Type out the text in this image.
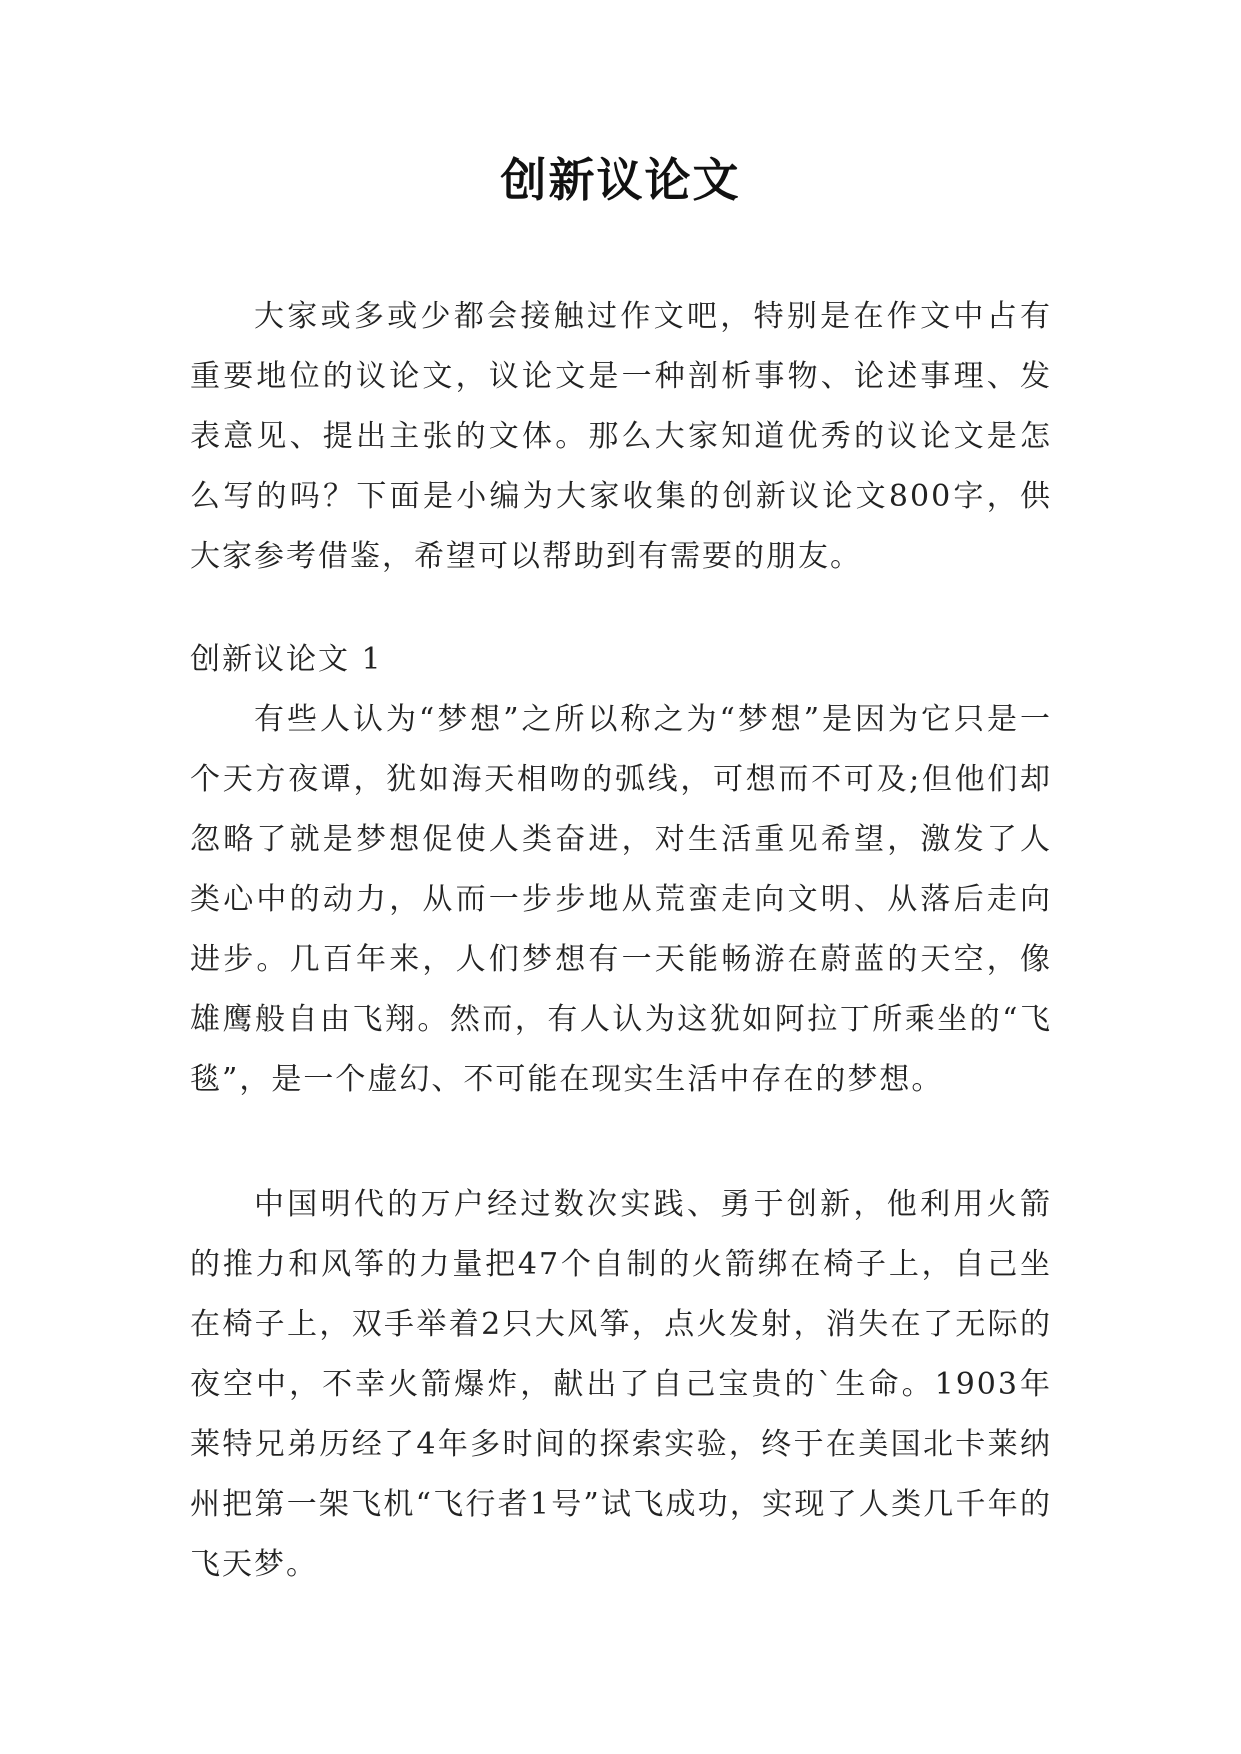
创新议论文

大家或多或少都会接触过作文吧，特别是在作文中占有重要地位的议论文，议论文是一种剖析事物、论述事理、发表意见、提出主张的文体。那么大家知道优秀的议论文是怎么写的吗？下面是小编为大家收集的创新议论文800字，供大家参考借鉴，希望可以帮助到有需要的朋友。

创新议论文 1

有些人认为“梦想”之所以称之为“梦想”是因为它只是一个天方夜谭，犹如海天相吻的弧线，可想而不可及;但他们却忽略了就是梦想促使人类奋进，对生活重见希望，激发了人类心中的动力，从而一步步地从荒蛮走向文明、从落后走向进步。几百年来，人们梦想有一天能畅游在蔚蓝的天空，像雄鹰般自由飞翔。然而，有人认为这犹如阿拉丁所乘坐的“飞毯”，是一个虚幻、不可能在现实生活中存在的梦想。

中国明代的万户经过数次实践、勇于创新，他利用火箭的推力和风筝的力量把47个自制的火箭绑在椅子上，自己坐在椅子上，双手举着2只大风筝，点火发射，消失在了无际的夜空中，不幸火箭爆炸，献出了自己宝贵的`生命。1903年莱特兄弟历经了4年多时间的探索实验，终于在美国北卡莱纳州把第一架飞机“飞行者1号”试飞成功，实现了人类几千年的飞天梦。
